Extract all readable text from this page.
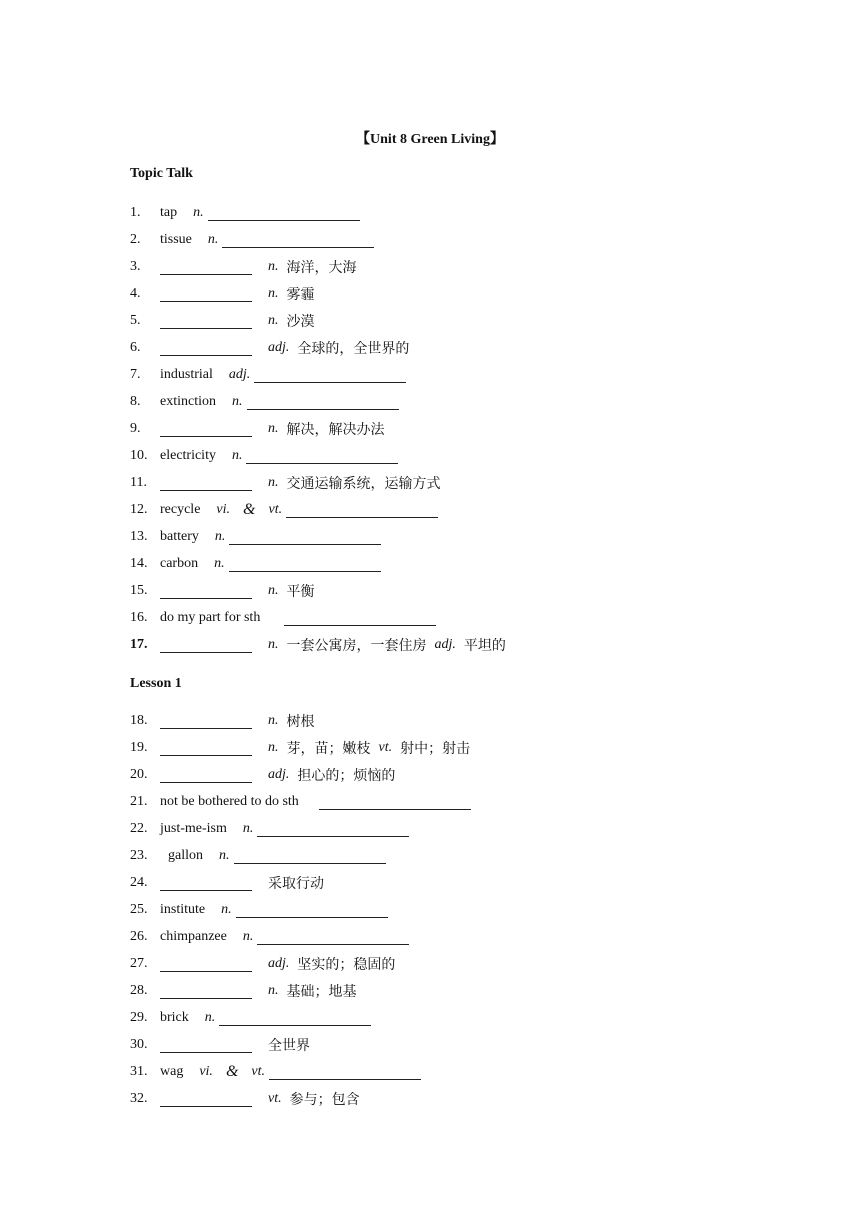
【Unit 8 Green Living】
Topic Talk
1.	tap n.
2.	tissue n.
3.	n. 海洋，大海
4.	n. 雾霾
5.	n. 沙漠
6.	adj. 全球的，全世界的
7.	industrial adj.
8.	extinction n.
9.	n. 解决，解决办法
10. electricity n.
11.	n. 交通运输系统，运输方式
12. recycle vi. & vt.
13. battery n.
14. carbon n.
15.	n. 平衡
16. do my part for sth
17.	n. 一套公寓房，一套住房 adj. 平坦的
Lesson 1
18.	n. 树根
19.	n. 芽，苗；嫩枝 vt. 射中；射击
20.	adj. 担心的；烦恼的
21. not be bothered to do sth
22. just-me-ism n.
23.	gallon n.
24.	采取行动
25. institute n.
26. chimpanzee n.
27.	adj. 坚实的；稳固的
28.	n. 基础；地基
29. brick n.
30.	全世界
31. wag vi. & vt.
32.	vt. 参与；包含
